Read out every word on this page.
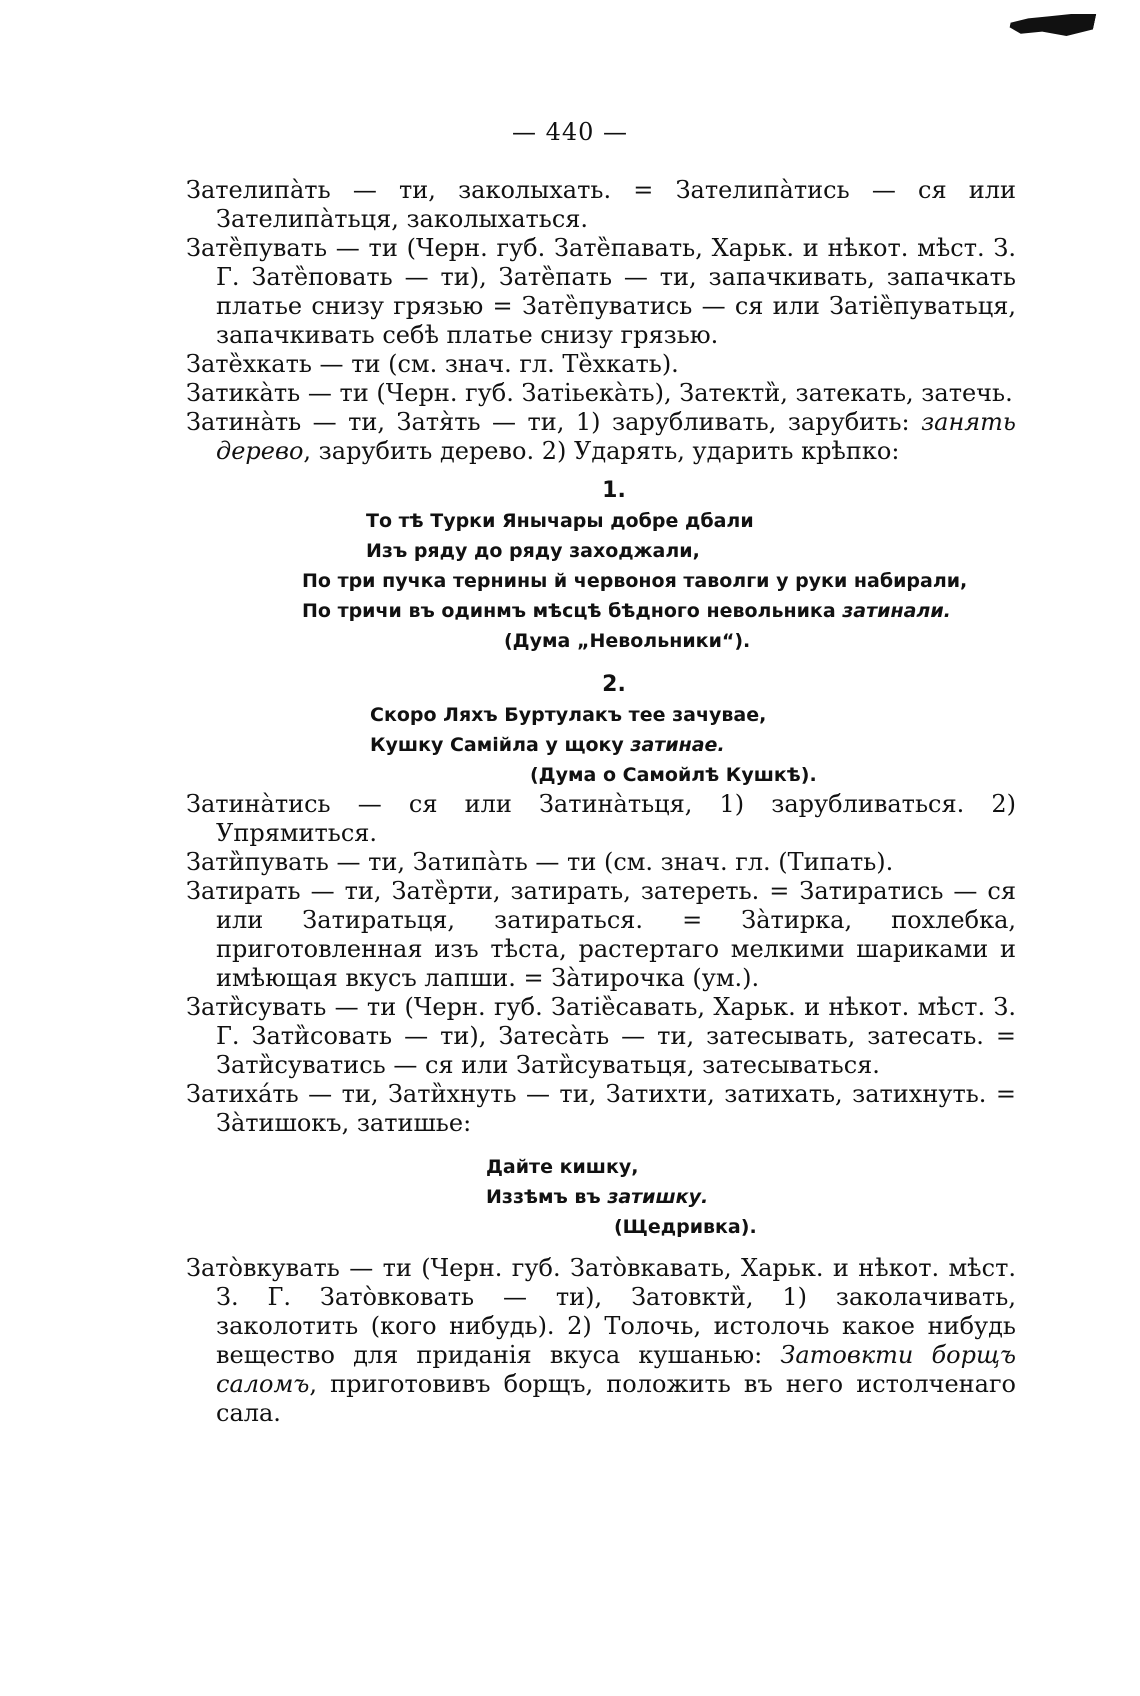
— 440 —

Зателипа̀ть — ти, заколыхать. = Зателипа̀тись — ся или Зателипа̀тьця, заколыхаться.

Зате̏пувать — ти (Черн. губ. Зате̏павать, Харьк. и нѣкот. мѣст. З. Г. Зате̏повать — ти), Зате̏пать — ти, запачкивать, запачкать платье снизу грязью = Зате̏пуватись — ся или Затіе̏пуватьця, запачкивать себѣ платье снизу грязью.

Зате̏хкать — ти (см. знач. гл. Те̏хкать).

Затика̀ть — ти (Черн. губ. Затіьека̀ть), Затекти̏, затекать, затечь.

Затина̀ть — ти, Затя̀ть — ти, 1) зарубливать, зарубить: занять дерево, зарубить дерево. 2) Ударять, ударить крѣпко:

1.
То тѣ Турки Янычары добре дбали
Изъ ряду до ряду заходжали,
По три пучка тернины й червоноя таволги у руки набирали,
По тричи въ одинмъ мѣсцѣ бѣдного невольника затинали.
(Дума „Невольники“).
2.
Скоро Ляхъ Буртулакъ тее зачувае,
Кушку Самійла у щоку затинае.
(Дума о Самойлѣ Кушкѣ).

Затина̀тись — ся или Затина̀тьця, 1) зарубливаться. 2) Упрямиться.

Зати̏пувать — ти, Затипа̀ть — ти (см. знач. гл. (Типать).

Затирать — ти, Зате̏рти, затирать, затереть. = Затиратись — ся или Затиратьця, затираться. = За̀тирка, похлебка, приготовленная изъ тѣста, растертаго мелкими шариками и имѣющая вкусъ лапши. = За̀тирочка (ум.).

Зати̏сувать — ти (Черн. губ. Затіе̏савать, Харьк. и нѣкот. мѣст. З. Г. Зати̏совать — ти), Затеса̀ть — ти, затесывать, затесать. = Зати̏суватись — ся или Зати̏суватьця, затесываться.

Затиха́ть — ти, Зати̏хнуть — ти, Затихти, затихать, затихнуть. = За̀тишокъ, затишье:

Дайте кишку,
Иззѣмъ въ затишку.
(Щедривка).

Зато̀вкувать — ти (Черн. губ. Зато̀вкавать, Харьк. и нѣкот. мѣст. З. Г. Зато̀вковать — ти), Затовкти̏, 1) заколачивать, заколотить (кого нибудь). 2) Толочь, истолочь какое нибудь вещество для приданія вкуса кушанью: Затовкти борщъ саломъ, приготовивъ борщъ, положить въ него истолченаго сала.
